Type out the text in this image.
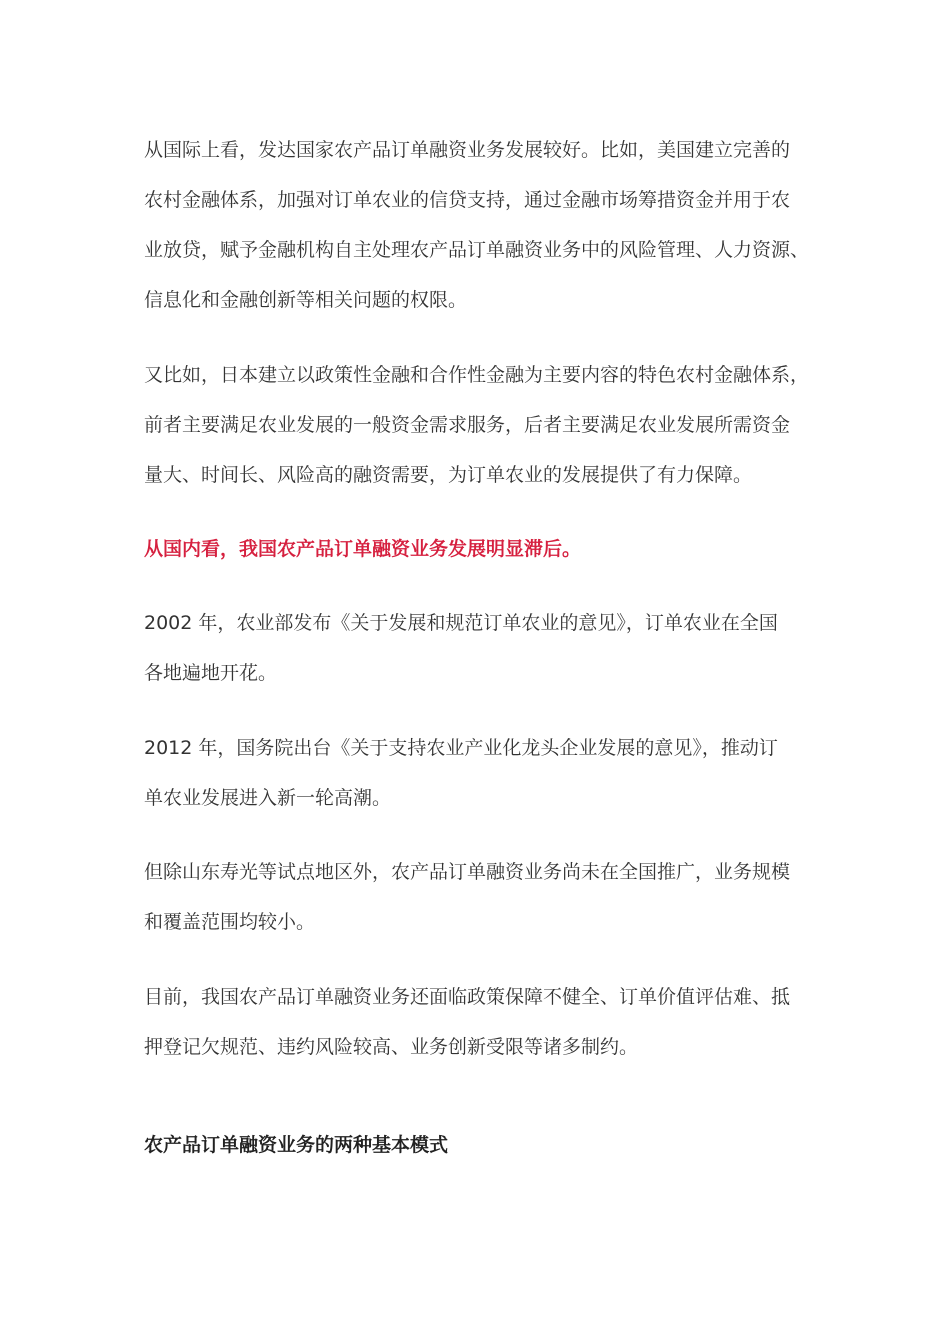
从国际上看，发达国家农产品订单融资业务发展较好。比如，美国建立完善的
农村金融体系，加强对订单农业的信贷支持，通过金融市场筹措资金并用于农
业放贷，赋予金融机构自主处理农产品订单融资业务中的风险管理、人力资源、
信息化和金融创新等相关问题的权限。

又比如，日本建立以政策性金融和合作性金融为主要内容的特色农村金融体系，
前者主要满足农业发展的一般资金需求服务，后者主要满足农业发展所需资金
量大、时间长、风险高的融资需要，为订单农业的发展提供了有力保障。

从国内看，我国农产品订单融资业务发展明显滞后。

2002 年，农业部发布《关于发展和规范订单农业的意见》，订单农业在全国
各地遍地开花。

2012 年，国务院出台《关于支持农业产业化龙头企业发展的意见》，推动订
单农业发展进入新一轮高潮。

但除山东寿光等试点地区外，农产品订单融资业务尚未在全国推广，业务规模
和覆盖范围均较小。

目前，我国农产品订单融资业务还面临政策保障不健全、订单价值评估难、抵
押登记欠规范、违约风险较高、业务创新受限等诸多制约。

农产品订单融资业务的两种基本模式
